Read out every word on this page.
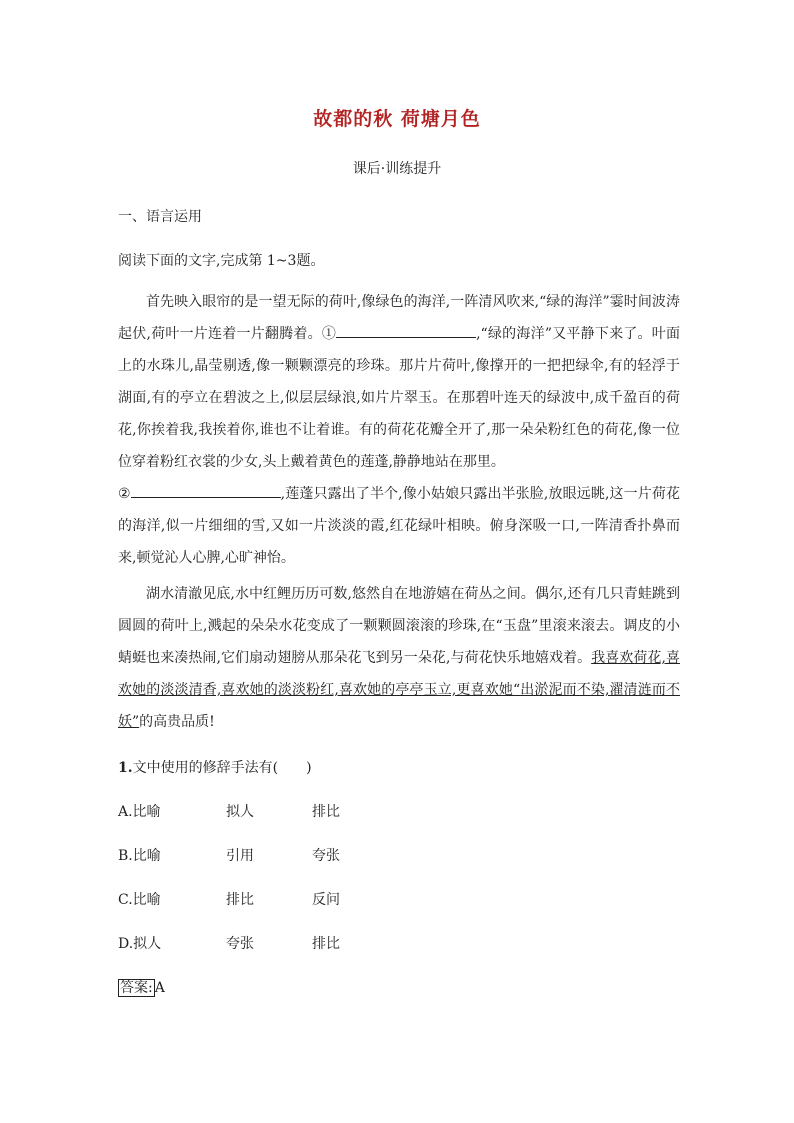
故都的秋 荷塘月色
课后·训练提升
一、语言运用
阅读下面的文字,完成第 1~3题。

首先映入眼帘的是一望无际的荷叶,像绿色的海洋,一阵清风吹来,“绿的海洋”霎时间波涛起伏,荷叶一片连着一片翻腾着。①	,“绿的海洋”又平静下来了。叶面上的水珠儿,晶莹剔透,像一颗颗漂亮的珍珠。那片片荷叶,像撑开的一把把绿伞,有的轻浮于湖面,有的亭立在碧波之上,似层层绿浪,如片片翠玉。在那碧叶连天的绿波中,成千盈百的荷花,你挨着我,我挨着你,谁也不让着谁。有的荷花花瓣全开了,那一朵朵粉红色的荷花,像一位位穿着粉红衣裳的少女,头上戴着黄色的莲蓬,静静地站在那里。

②	,莲蓬只露出了半个,像小姑娘只露出半张脸,放眼远眺,这一片荷花的海洋,似一片细细的雪,又如一片淡淡的霞,红花绿叶相映。俯身深吸一口,一阵清香扑鼻而来,顿觉沁人心脾,心旷神怡。

湖水清澈见底,水中红鲤历历可数,悠然自在地游嬉在荷丛之间。偶尔,还有几只青蛙跳到圆圆的荷叶上,溅起的朵朵水花变成了一颗颗圆滚滚的珍珠,在“玉盘”里滚来滚去。调皮的小蜻蜓也来凑热闹,它们扇动翅膀从那朵花飞到另一朵花,与荷花快乐地嬉戏着。我喜欢荷花,喜欢她的淡淡清香,喜欢她的淡淡粉红,喜欢她的亭亭玉立,更喜欢她“出淤泥而不染,濯清涟而不妖”的高贵品质!

1.文中使用的修辞手法有(　　)
A.比喻	拟人	排比
B.比喻	引用	夸张
C.比喻	排比	反问
D.拟人	夸张	排比
答案: A
